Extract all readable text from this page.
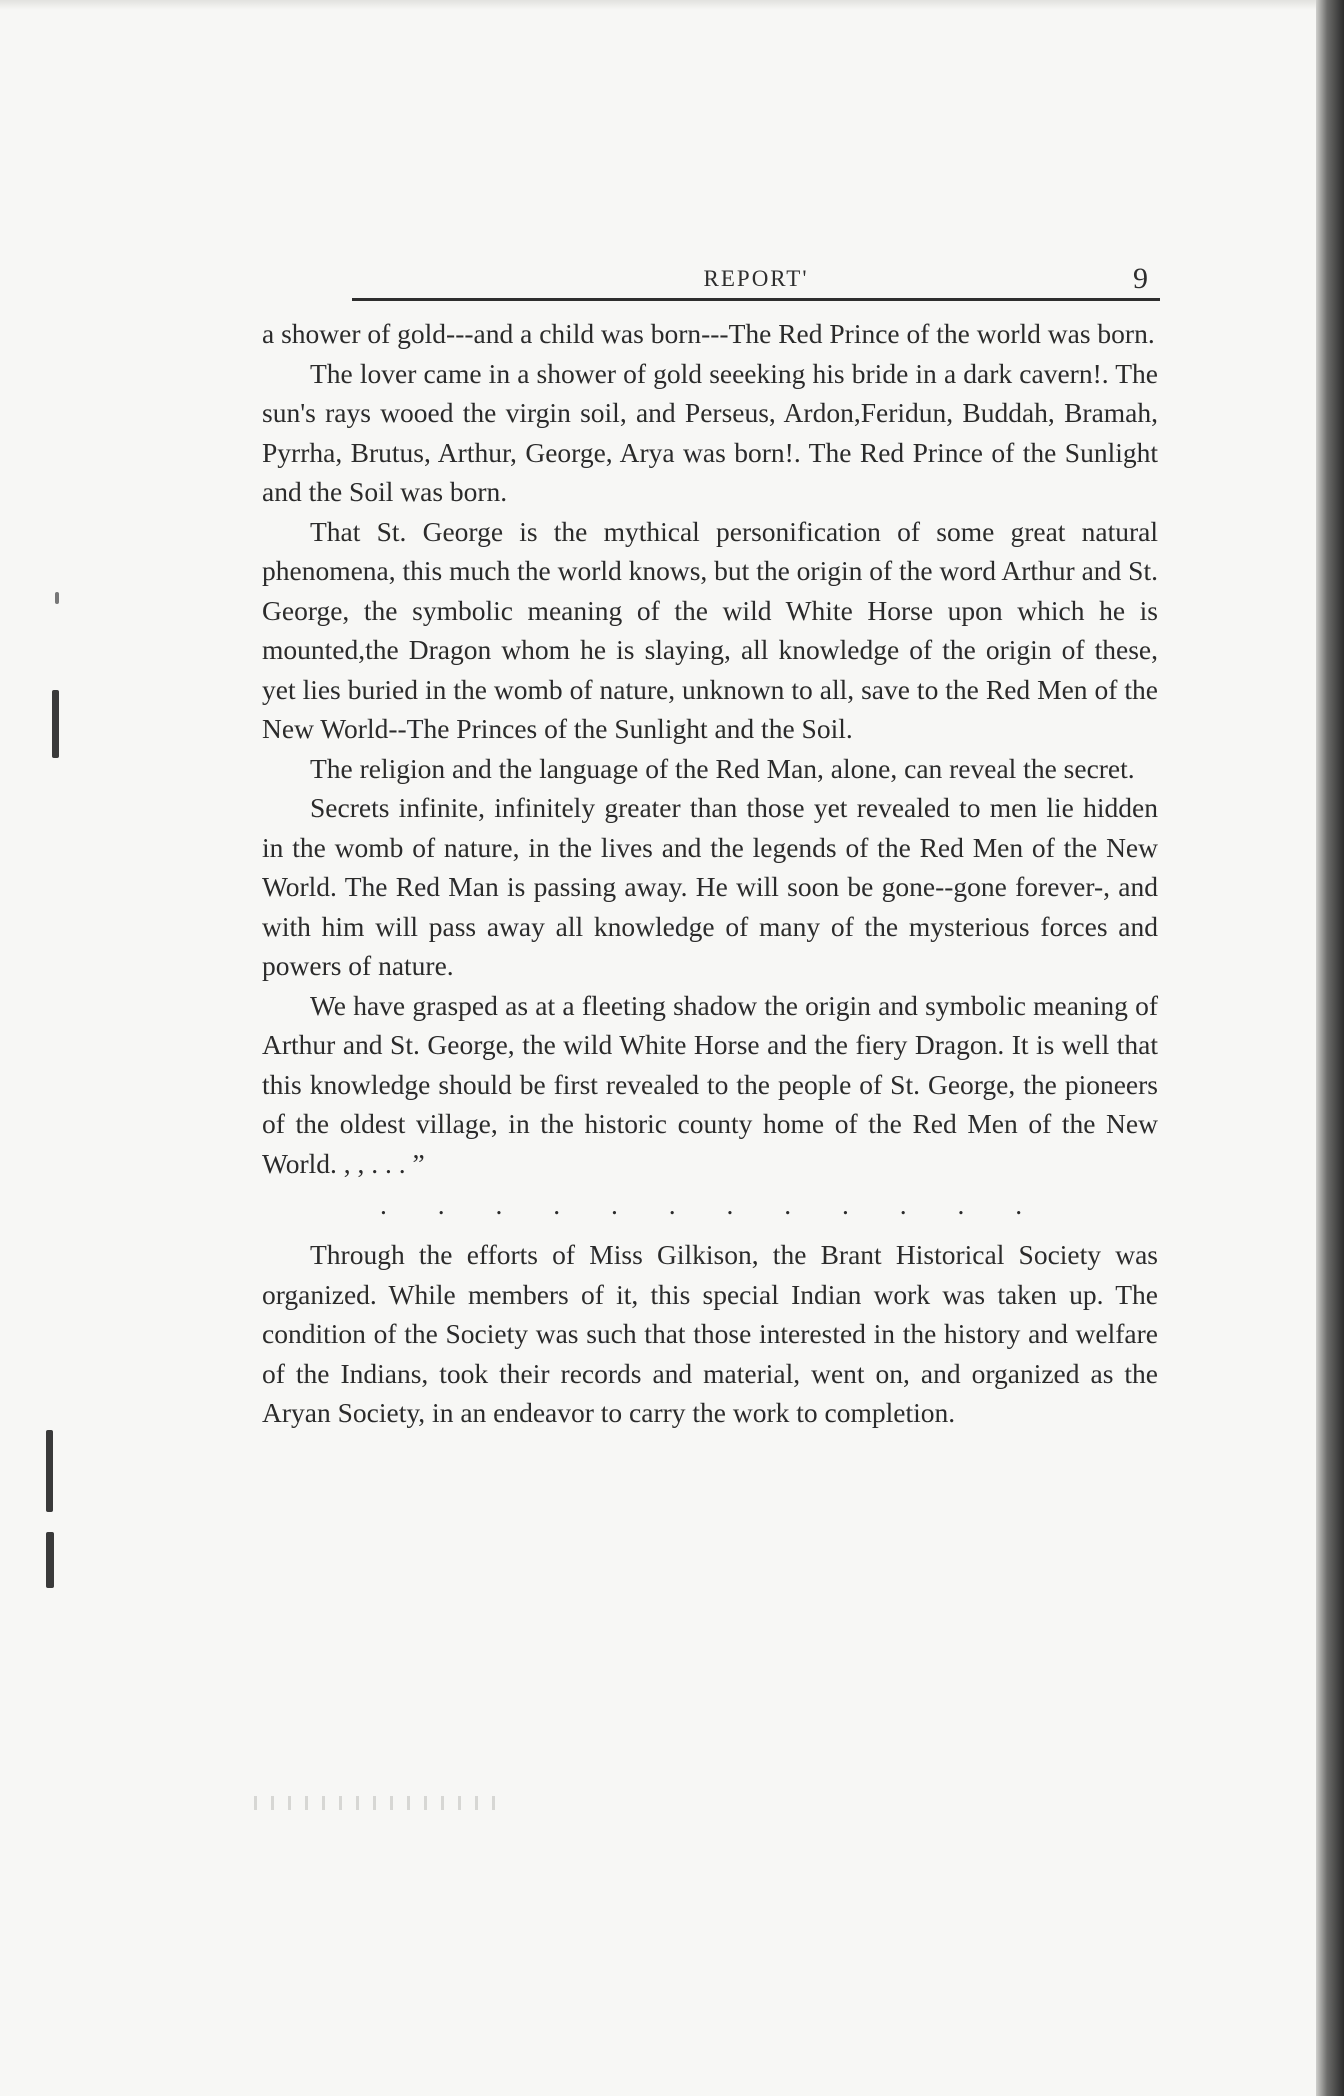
REPORT'	9

a shower of gold---and a child was born---The Red Prince of the world was born.

The lover came in a shower of gold seeeking his bride in a dark cavern!. The sun's rays wooed the virgin soil, and Perseus, Ardon,Feridun, Buddah, Bramah, Pyrrha, Brutus, Arthur, George, Arya was born!. The Red Prince of the Sunlight and the Soil was born.

That St. George is the mythical personification of some great natural phenomena, this much the world knows, but the origin of the word Arthur and St. George, the symbolic meaning of the wild White Horse upon which he is mounted,the Dragon whom he is slaying, all knowledge of the origin of these, yet lies buried in the womb of nature, unknown to all, save to the Red Men of the New World--The Princes of the Sunlight and the Soil.

The religion and the language of the Red Man, alone, can reveal the secret.

Secrets infinite, infinitely greater than those yet revealed to men lie hidden in the womb of nature, in the lives and the legends of the Red Men of the New World. The Red Man is passing away. He will soon be gone--gone forever-, and with him will pass away all knowledge of many of the mysterious forces and powers of nature.

We have grasped as at a fleeting shadow the origin and symbolic meaning of Arthur and St. George, the wild White Horse and the fiery Dragon. It is well that this knowledge should be first revealed to the people of St. George, the pioneers of the oldest village, in the historic county home of the Red Men of the New World. , , . . . ”

. . . . . . . . . . . .

Through the efforts of Miss Gilkison, the Brant Historical Society was organized. While members of it, this special Indian work was taken up. The condition of the Society was such that those interested in the history and welfare of the Indians, took their records and material, went on, and organized as the Aryan Society, in an endeavor to carry the work to completion.
